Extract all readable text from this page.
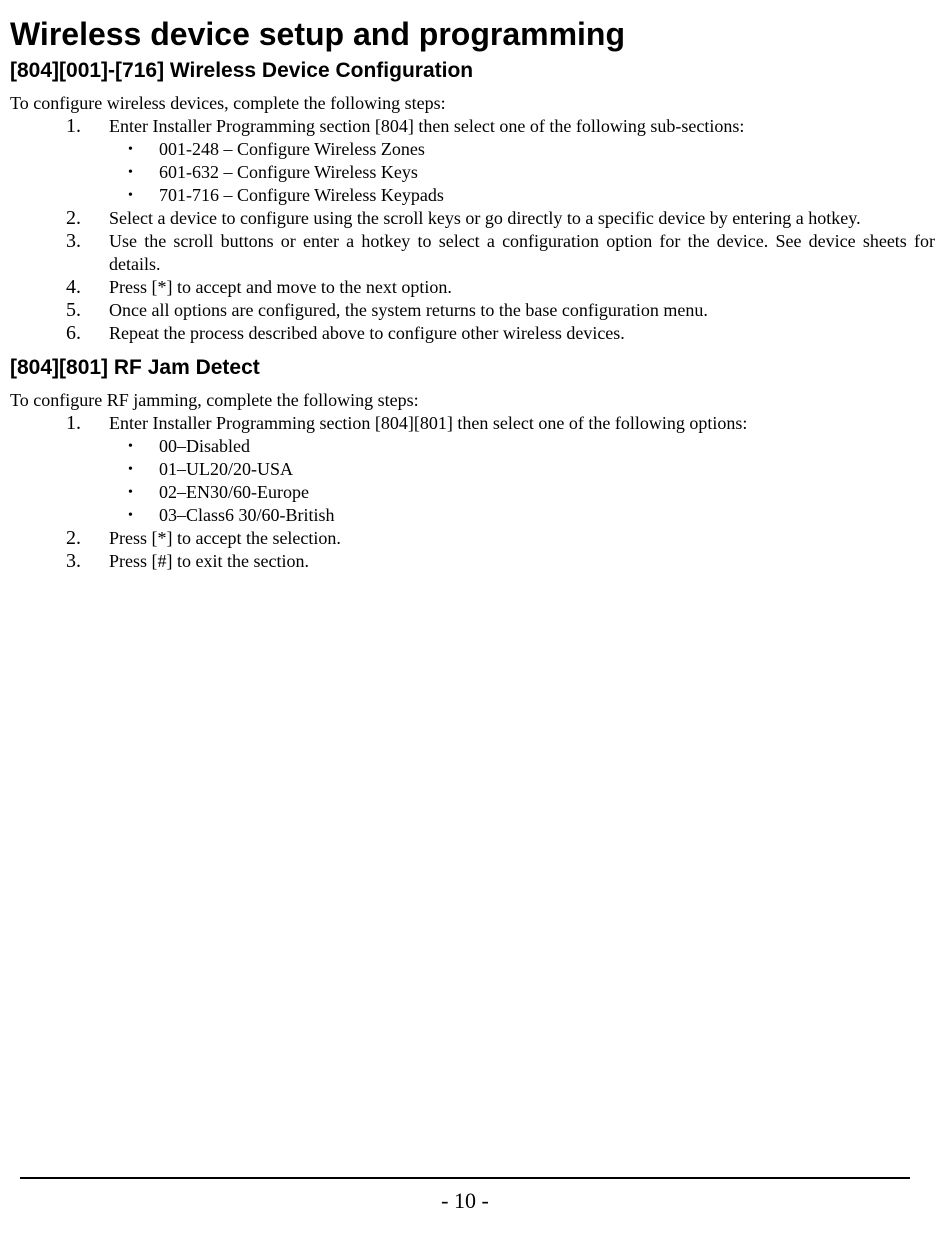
Wireless device setup and programming
[804][001]-[716] Wireless Device Configuration

To configure wireless devices, complete the following steps:

1. Enter Installer Programming section [804] then select one of the following sub-sections:
• 001-248 – Configure Wireless Zones
• 601-632 – Configure Wireless Keys
• 701-716 – Configure Wireless Keypads
2. Select a device to configure using the scroll keys or go directly to a specific device by entering a hotkey.
3. Use the scroll buttons or enter a hotkey to select a configuration option for the device. See device sheets for details.
4. Press [*] to accept and move to the next option.
5. Once all options are configured, the system returns to the base configuration menu.
6. Repeat the process described above to configure other wireless devices.
[804][801] RF Jam Detect

To configure RF jamming, complete the following steps:

1. Enter Installer Programming section [804][801] then select one of the following options:
• 00–Disabled
• 01–UL20/20-USA
• 02–EN30/60-Europe
• 03–Class6 30/60-British
2. Press [*] to accept the selection.
3. Press [#] to exit the section.
- 10 -
